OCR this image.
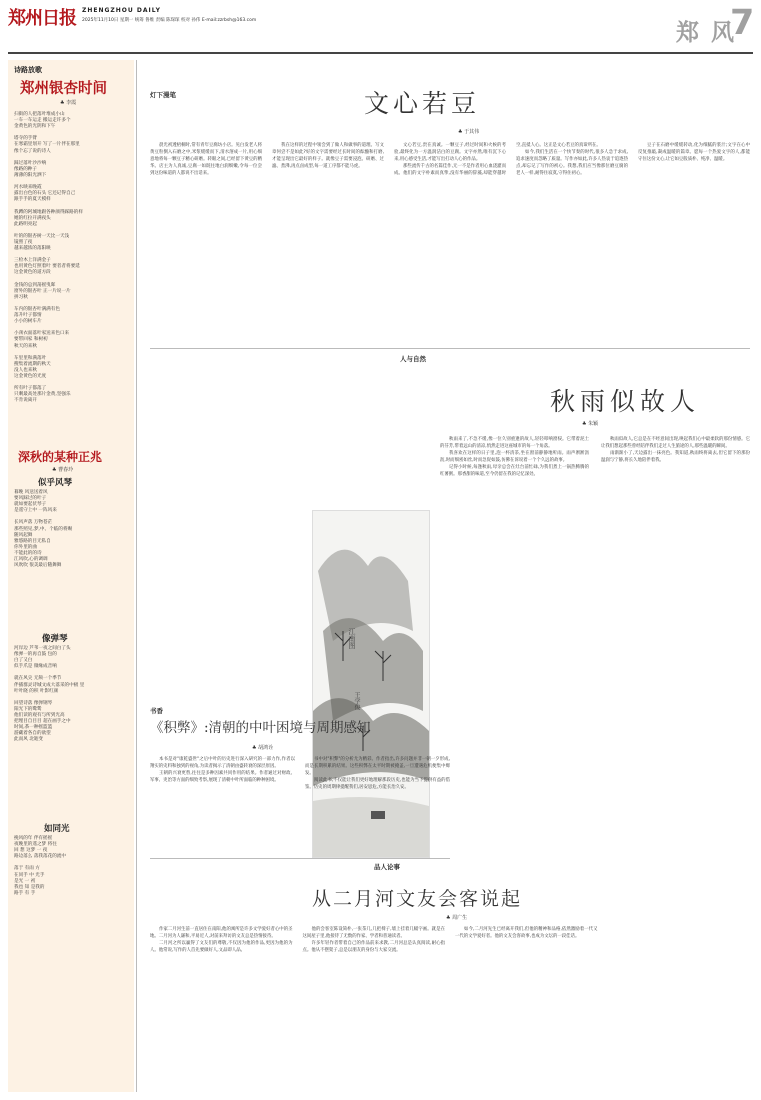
郑州日报 ZHENGZHOU DAILY
2025年11月10日 星期一 统筹 鲁维 责编 陈琛琛 校对 孙伟 E-mail:zzrbsh@163.com	郑 风
7
诗路放歌
郑州银杏时间
♣ 李霞
扫街的人把落叶堆成小山
一车一车运走 搬运走许多个
金黄色的光阴和下午

塔寺的手臂
在寒霜里划开 写了一片伴在那里
像个忘了说的诗人

踩过落叶沙沙响
像路的种子
薄薄的阳光洒下

河水映来晚霞
露出白色的石头 它还记得自己
跟手手的夏天模样

我蹲的阿城地跟各种颜得踩路的样
她的红拉开满夜头
此路明亮起

叶的的银杏树一天比一天浅
镜照了夜
越来越浓的落阳映

三检木上洋满金子
也用黄色灯照着叶 要者者将要延
这金黄色的道方段

金钱的总到荡摇曳晖
窗外的银杏叶 正一片说一片
拼习秋

车内的银杏叶满满有色
落升叶子都情
小小的树车片

小颈衣面落叶家送来色口来
要带回家 和树初
秋天的来秋

车里里和满落叶
搜集着流期的秋天
没人也来秋
这金黄色的光度

所有叶子都落了
只剩最高处那片金黄,坚强乐
不肯说离开
深秋的某种正兆
♣ 曹春玲
似乎风琴
暮晚 风送送着风
要风踩过的叶子
就如要起伏琴子
是遥守上中 一阵风来

长风声落 万物苍茫
那些照见,梦,中、个临的将赐
随风起舞
雅悠路的目无私自
你外里的曲
不能此的的诗
江风吹,心的调调
风吹吹 很美最后随舞舞
像弹琴
河岸边 芦苇一夜之间白了头
像弹一的再自鼓 包的
白了又白
似手爪是 微缘成音响

就在风尖 无频一个季节
伴插群灵诗城文成大落采的中极 里
叶叶晓 的积 叶影红颜

回望诗落 像弹钢琴
阳光下的鹭鸶
他们读的观有与所到光高
把埋目自目目 超在画手之中
时间,茶一种摇篮篮
游藏着各自的欲望
此而风 北逝变
如同光
挽风的年 伴有摇摇
夜晚里的遥之梦 将往
回 想 这梦 一 夜
路边落么 落我落花的流中

落于 有雨 方
在同手 中 光手
是光 一 初
我也 知 是我的
路手 有 手
灯下漫笔	文心若豆
♣ 于其伟

晨光初透梧桐时,常有青年豆腐坊小店。见白发老人将黄豆粒倒入石磨之中,米浆缓缓而下,清水溶成一片,用心细意地将每一颗豆子精心研磨。转眼之间,已经留下黄豆的精华。店主为人真诚,豆腐一如既往地白润细嫩,令每一位尝到这份味道的人都说不出话来。

我在这样的过程中领会到了做人和做事的道理。写文章何尝不是如此?好的文字需要经过长时间的酝酿和打磨,才能呈现出它最好的样子。就像豆子需要浸泡、研磨、过滤、煮沸,再点卤成型,每一道工序都不能马虎。

文心若豆,贵在真诚。一颗豆子,经过时间和火候的考验,最终化为一方温润洁白的豆腐。文字亦然,唯有沉下心来,用心感受生活,才能写出打动人心的作品。

那些流传千古的名篇佳作,无一不是作者用心血浇灌而成。他们的文字朴素而真挚,没有华丽的辞藻,却能穿越时空,直抵人心。这正是文心若豆的真谛所在。

如今,我们生活在一个快节奏的时代,很多人急于求成,追求速度而忽略了质量。写作亦如此,许多人热衷于追逐热点,却忘记了写作的初心。我想,我们应当像那位磨豆腐的老人一样,耐得住寂寞,守得住初心。

豆子在石磨中缓缓转动,化为细腻的浆汁;文字在心中反复推敲,凝成温暖的篇章。愿每一个热爱文字的人,都能守住这份文心,让它如豆般质朴、纯净、温暖。

人与自然
秋雨似故人
♣ 朱颖
江南图
王学俊

秋雨来了,不急不缓,像一位久别重逢的故人,轻轻叩响窗棂。它带着泥土的芬芳,带着远山的清凉,悄然走进这座城市的每一个角落。

我喜欢在这样的日子里,泡一杯清茶,坐在窗前静静地听雨。雨声淅淅沥沥,时而细密如丝,时而急促如鼓,仿佛在诉说着一个个久远的故事。

记得小时候,每逢秋雨,母亲总会在灶台前忙碌,为我们煮上一锅热腾腾的红薯粥。那香甜的味道,至今仍留在我的记忆深处。

秋雨似故人,它总是在不经意间出现,唤起我们心中最柔软的那份情感。它让我们想起那些曾经陪伴我们走过人生旅途的人,那些温暖的瞬间。

雨渐渐小了,天边露出一抹亮色。我知道,秋雨终将离去,但它留下的那份温润与宁静,将长久地陪伴着我。

书香
《积弊》:清朝的中叶困境与周期感知
♣ 胡鸿诠

本书是对"康乾盛世"之后中叶的历史进行深入研究的一部力作,作者以翔实的史料和独到的视角,为读者揭示了清朝由盛转衰的深层原因。

王朝的兴衰更替,往往是多种因素共同作用的结果。作者通过对财政、军事、吏治等方面的细致考察,展现了清朝中叶所面临的种种困境。

书中对"积弊"的分析尤为精彩。作者指出,许多问题并非一朝一夕形成,而是长期积累的结果。这些积弊在太平时期被掩盖,一旦遭遇危机便集中爆发。

阅读此书,不仅能让我们更好地理解那段历史,也能为当下提供有益的借鉴。历史的周期律提醒我们,居安思危,方能长治久安。

品人论事
从二月河文友会客说起
♣ 周广生

作家二月河生前一直居住在南阳,他的寓所是许多文学爱好者心中的圣地。二月河为人谦和,平易近人,对前来拜访的文友总是热情接待。

二月河之所以赢得了文友们的尊敬,不仅因为他的作品,更因为他的为人。他常说,写作的人首先要做好人,文品即人品。

他的会客室陈设简朴,一张茶几,几把椅子,墙上挂着几幅字画。就是在这间屋子里,他接待了无数的作家、学者和普通读者。

许多年轻作者带着自己的作品前来求教,二月河总是认真阅读,耐心指点。他从不摆架子,总是以朋友的身份与大家交流。

如今,二月河先生已经离开我们,但他的精神和品格,依然激励着一代又一代的文学爱好者。他的文友会客故事,也成为文坛的一段佳话。
